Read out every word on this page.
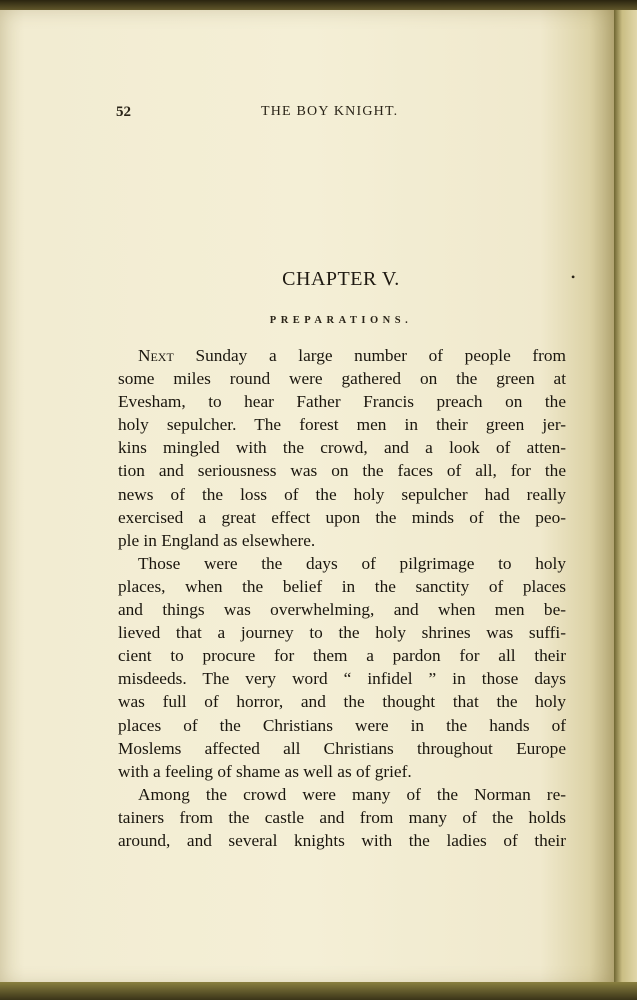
52	THE BOY KNIGHT.
CHAPTER V.	•
PREPARATIONS.
Next Sunday a large number of people from
some miles round were gathered on the green at
Evesham, to hear Father Francis preach on the
holy sepulcher. The forest men in their green jer-
kins mingled with the crowd, and a look of atten-
tion and seriousness was on the faces of all, for the
news of the loss of the holy sepulcher had really
exercised a great effect upon the minds of the peo-
ple in England as elsewhere.
Those were the days of pilgrimage to holy
places, when the belief in the sanctity of places
and things was overwhelming, and when men be-
lieved that a journey to the holy shrines was suffi-
cient to procure for them a pardon for all their
misdeeds. The very word “ infidel ” in those days
was full of horror, and the thought that the holy
places of the Christians were in the hands of
Moslems affected all Christians throughout Europe
with a feeling of shame as well as of grief.
Among the crowd were many of the Norman re-
tainers from the castle and from many of the holds
around, and several knights with the ladies of their
